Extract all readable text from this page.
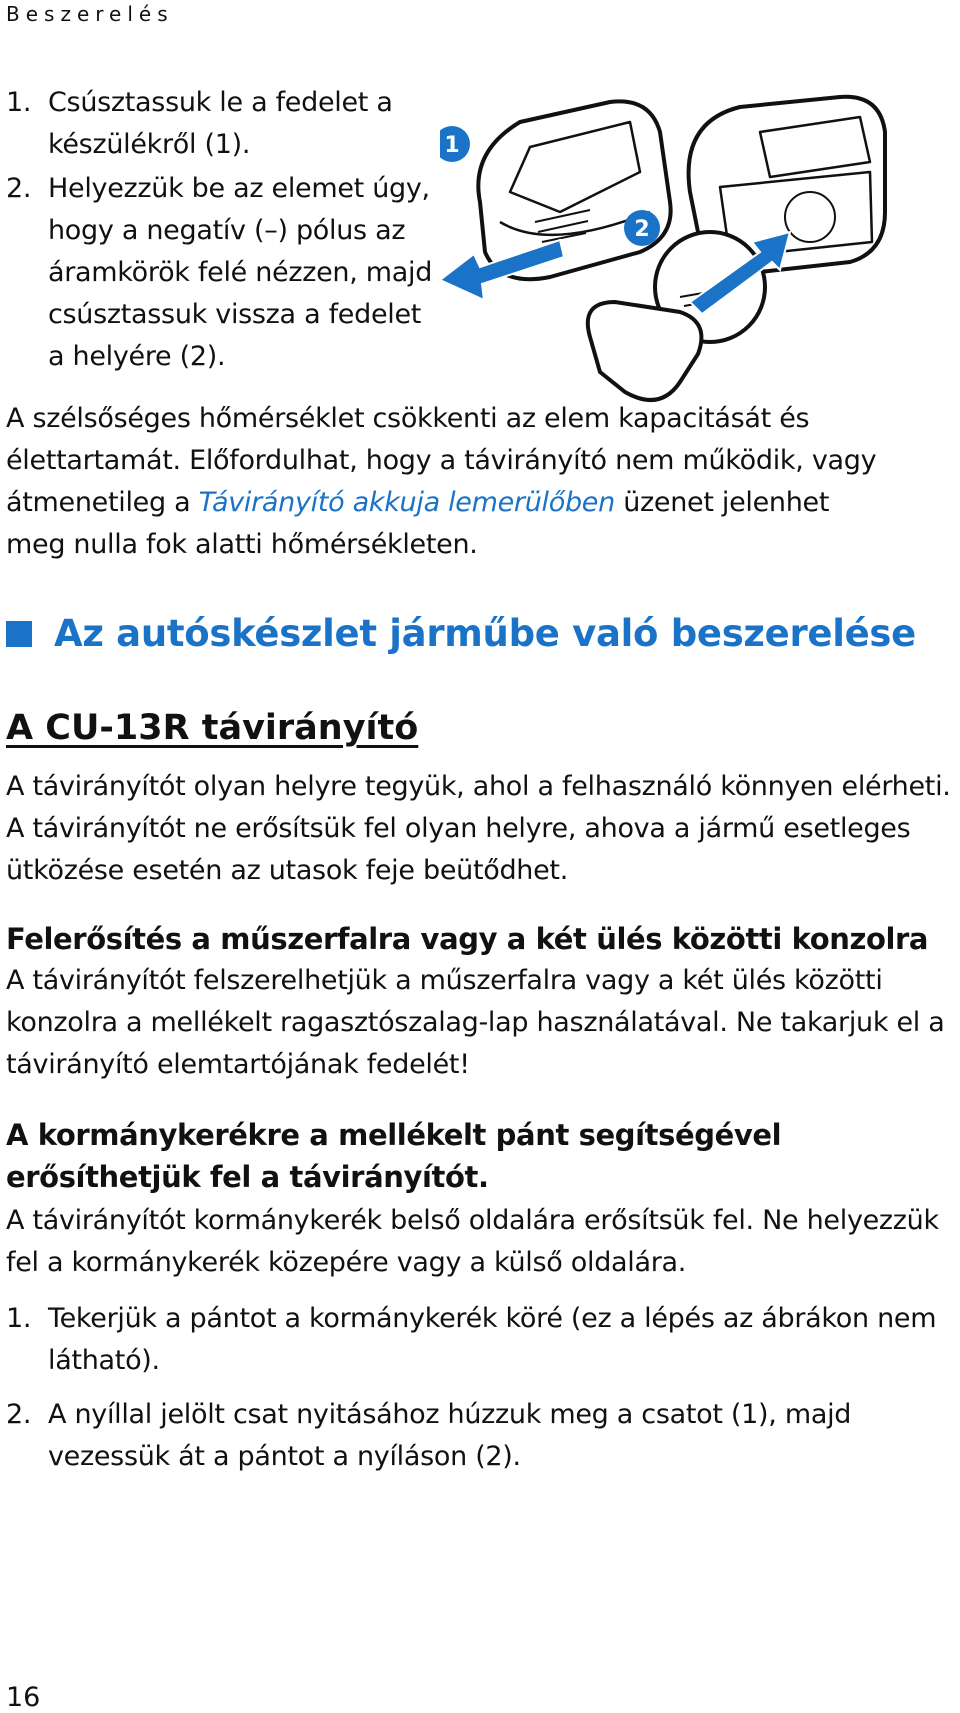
Beszerelés
1. Csúsztassuk le a fedelet a készülékről (1).
2. Helyezzük be az elemet úgy, hogy a negatív (–) pólus az áramkörök felé nézzen, majd csúsztassuk vissza a fedelet a helyére (2).
1
2
A szélsőséges hőmérséklet csökkenti az elem kapacitását és élettartamát. Előfordulhat, hogy a távirányító nem működik, vagy átmenetileg a Távirányító akkuja lemerülőben üzenet jelenhet meg nulla fok alatti hőmérsékleten.
Az autóskészlet járműbe való beszerelése
A CU-13R távirányító
A távirányítót olyan helyre tegyük, ahol a felhasználó könnyen elérheti. A távirányítót ne erősítsük fel olyan helyre, ahova a jármű esetleges ütközése esetén az utasok feje beütődhet.
Felerősítés a műszerfalra vagy a két ülés közötti konzolra
A távirányítót felszerelhetjük a műszerfalra vagy a két ülés közötti konzolra a mellékelt ragasztószalag-lap használatával. Ne takarjuk el a távirányító elemtartójának fedelét!
A kormánykerékre a mellékelt pánt segítségével erősíthetjük fel a távirányítót.
A távirányítót kormánykerék belső oldalára erősítsük fel. Ne helyezzük fel a kormánykerék közepére vagy a külső oldalára.
1. Tekerjük a pántot a kormánykerék köré (ez a lépés az ábrákon nem látható).
2. A nyíllal jelölt csat nyitásához húzzuk meg a csatot (1), majd vezessük át a pántot a nyíláson (2).
16
